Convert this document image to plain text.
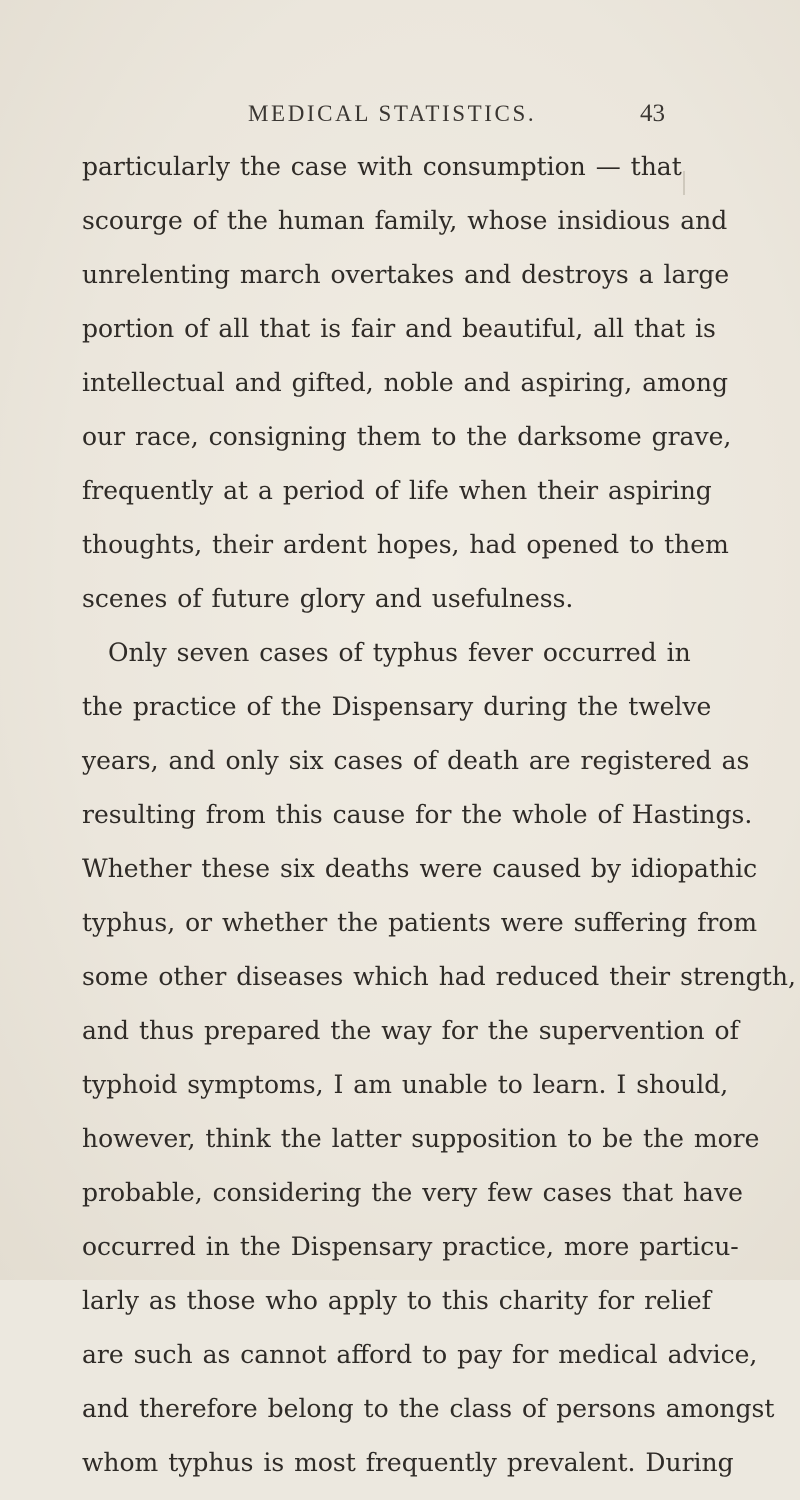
MEDICAL STATISTICS.	43
particularly the case with consumption — that
scourge of the human family, whose insidious and
unrelenting march overtakes and destroys a large
portion of all that is fair and beautiful, all that is
intellectual and gifted, noble and aspiring, among
our race, consigning them to the darksome grave,
frequently at a period of life when their aspiring
thoughts, their ardent hopes, had opened to them
scenes of future glory and usefulness.
Only seven cases of typhus fever occurred in
the practice of the Dispensary during the twelve
years, and only six cases of death are registered as
resulting from this cause for the whole of Hastings.
Whether these six deaths were caused by idiopathic
typhus, or whether the patients were suffering from
some other diseases which had reduced their strength,
and thus prepared the way for the supervention of
typhoid symptoms, I am unable to learn. I should,
however, think the latter supposition to be the more
probable, considering the very few cases that have
occurred in the Dispensary practice, more particu-
larly as those who apply to this charity for relief
are such as cannot afford to pay for medical advice,
and therefore belong to the class of persons amongst
whom typhus is most frequently prevalent. During
